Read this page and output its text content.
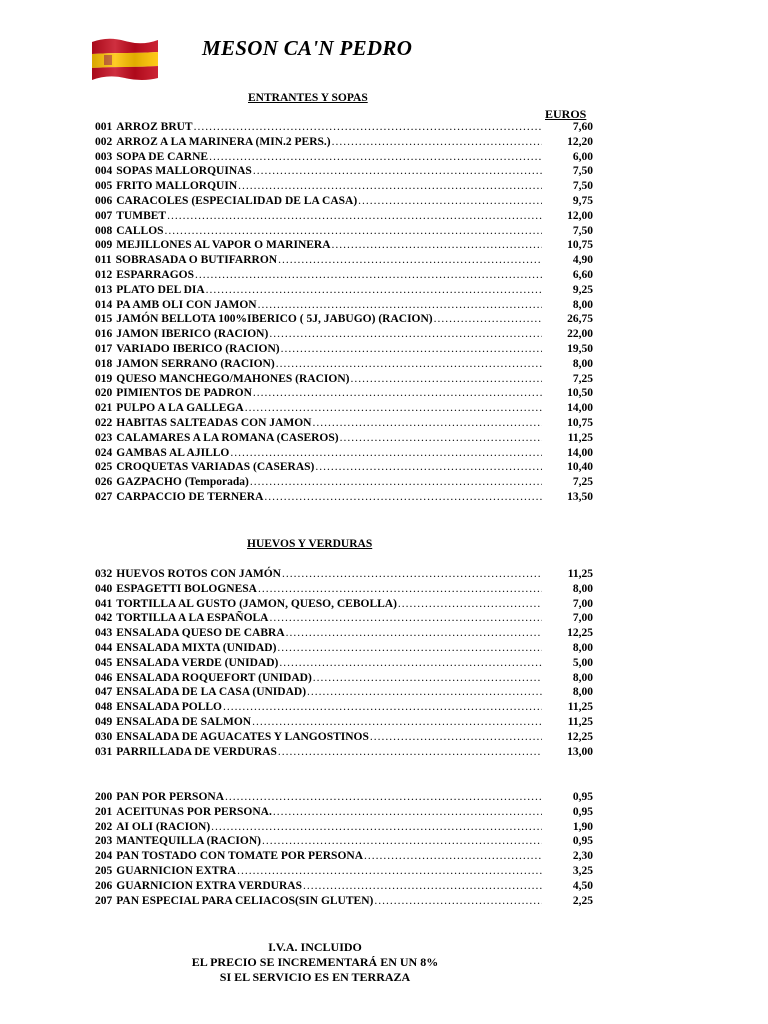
MESON CA'N PEDRO
ENTRANTES Y SOPAS
EUROS
001 ARROZ BRUT .....	7,60
002 ARROZ A LA MARINERA (MIN.2 PERS.) .....	12,20
003 SOPA DE CARNE .....	6,00
004 SOPAS MALLORQUINAS .....	7,50
005 FRITO MALLORQUIN .....	7,50
006 CARACOLES (ESPECIALIDAD DE LA CASA) .....	9,75
007 TUMBET .....	12,00
008 CALLOS .....	7,50
009 MEJILLONES AL VAPOR O MARINERA .....	10,75
011 SOBRASADA O BUTIFARRON .....	4,90
012 ESPARRAGOS .....	6,60
013 PLATO DEL DIA .....	9,25
014 PA AMB OLI CON JAMON .....	8,00
015 JAMÓN BELLOTA 100%IBERICO ( 5J, JABUGO) (RACION) .....	26,75
016 JAMON IBERICO (RACION) .....	22,00
017 VARIADO IBERICO (RACION) .....	19,50
018 JAMON SERRANO (RACION) .....	8,00
019 QUESO MANCHEGO/MAHONES (RACION) .....	7,25
020 PIMIENTOS DE PADRON .....	10,50
021 PULPO A LA GALLEGA .....	14,00
022 HABITAS SALTEADAS CON JAMON .....	10,75
023 CALAMARES A LA ROMANA (CASEROS) .....	11,25
024 GAMBAS AL AJILLO .....	14,00
025 CROQUETAS VARIADAS (CASERAS) .....	10,40
026 GAZPACHO (Temporada) .....	7,25
027 CARPACCIO DE TERNERA .....	13,50
HUEVOS Y VERDURAS
032 HUEVOS ROTOS CON JAMÓN .....	11,25
040 ESPAGETTI BOLOGNESA .....	8,00
041 TORTILLA AL GUSTO (JAMON, QUESO, CEBOLLA) .....	7,00
042 TORTILLA A LA ESPAÑOLA .....	7,00
043 ENSALADA QUESO DE CABRA .....	12,25
044 ENSALADA MIXTA (UNIDAD) .....	8,00
045 ENSALADA VERDE (UNIDAD) .....	5,00
046 ENSALADA ROQUEFORT (UNIDAD) .....	8,00
047 ENSALADA DE LA CASA (UNIDAD) .....	8,00
048 ENSALADA POLLO .....	11,25
049 ENSALADA DE SALMON .....	11,25
030 ENSALADA DE AGUACATES Y LANGOSTINOS .....	12,25
031 PARRILLADA DE VERDURAS .....	13,00
200 PAN POR PERSONA .....	0,95
201 ACEITUNAS POR PERSONA. .....	0,95
202 AI OLI (RACION) .....	1,90
203 MANTEQUILLA (RACION) .....	0,95
204 PAN TOSTADO CON TOMATE POR PERSONA .....	2,30
205 GUARNICION EXTRA .....	3,25
206 GUARNICION EXTRA VERDURAS .....	4,50
207 PAN ESPECIAL PARA CELIACOS(SIN GLUTEN) .....	2,25
I.V.A. INCLUIDO
EL PRECIO SE INCREMENTARÁ EN UN 8%
SI EL SERVICIO ES EN TERRAZA
